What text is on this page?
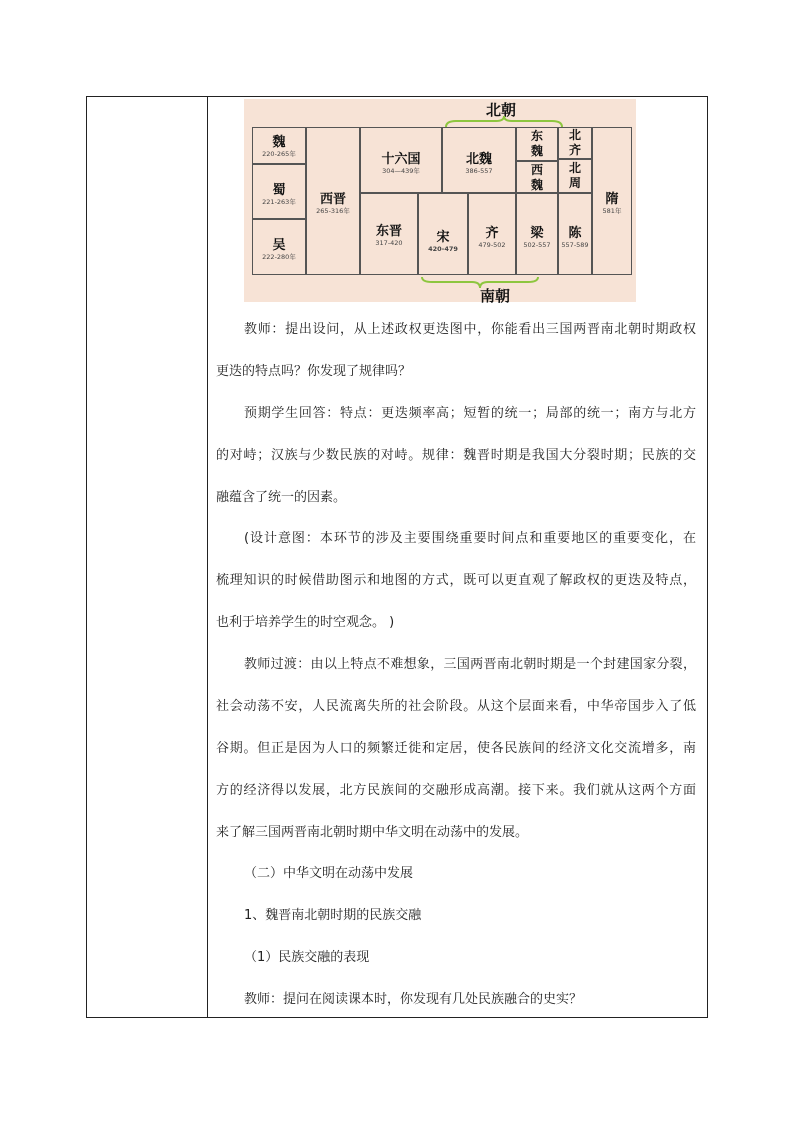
北朝
魏
220-265年
蜀
221-263年
吴
222-280年
西晋
265-316年
十六国
304—439年
东晋
317-420
北魏
386-557
宋
420-479
齐
479-502
东魏
西魏
梁
502-557
北齐
北周
陈
557-589
隋
581年
南朝
教师：提出设问，从上述政权更迭图中，你能看出三国两晋南北朝时期政权
更迭的特点吗？你发现了规律吗？
预期学生回答：特点：更迭频率高；短暂的统一；局部的统一；南方与北方
的对峙；汉族与少数民族的对峙。规律：魏晋时期是我国大分裂时期；民族的交
融蕴含了统一的因素。
(设计意图：本环节的涉及主要围绕重要时间点和重要地区的重要变化，在
梳理知识的时候借助图示和地图的方式，既可以更直观了解政权的更迭及特点，
也利于培养学生的时空观念。 )
教师过渡：由以上特点不难想象，三国两晋南北朝时期是一个封建国家分裂，
社会动荡不安，人民流离失所的社会阶段。从这个层面来看，中华帝国步入了低
谷期。但正是因为人口的频繁迁徙和定居，使各民族间的经济文化交流增多，南
方的经济得以发展，北方民族间的交融形成高潮。接下来。我们就从这两个方面
来了解三国两晋南北朝时期中华文明在动荡中的发展。
（二）中华文明在动荡中发展
1、魏晋南北朝时期的民族交融
（1）民族交融的表现
教师：提问在阅读课本时，你发现有几处民族融合的史实？
